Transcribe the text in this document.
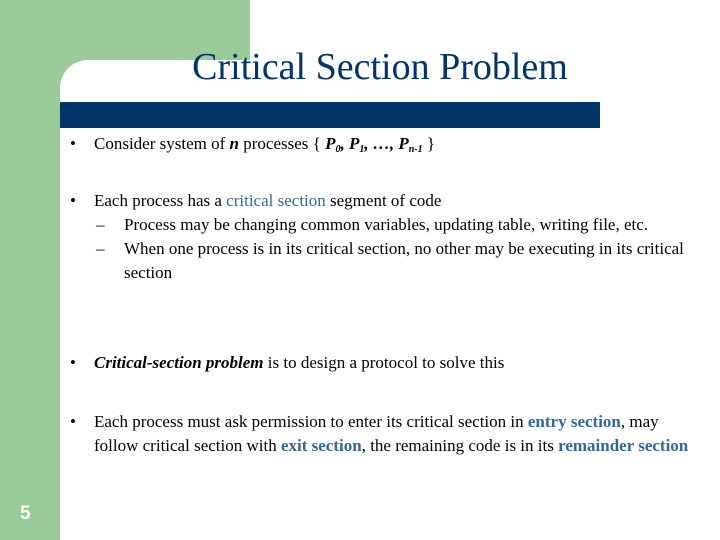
Critical Section Problem
• Consider system of n processes { $P_0$, $P_1$, …, $P_{n-1}$ }
• Each process has a critical section segment of code
– Process may be changing common variables, updating table, writing file, etc.
– When one process is in its critical section, no other may be executing in its critical section
• Critical-section problem is to design a protocol to solve this
• Each process must ask permission to enter its critical section in entry section, may follow critical section with exit section, the remaining code is in its remainder section
5
